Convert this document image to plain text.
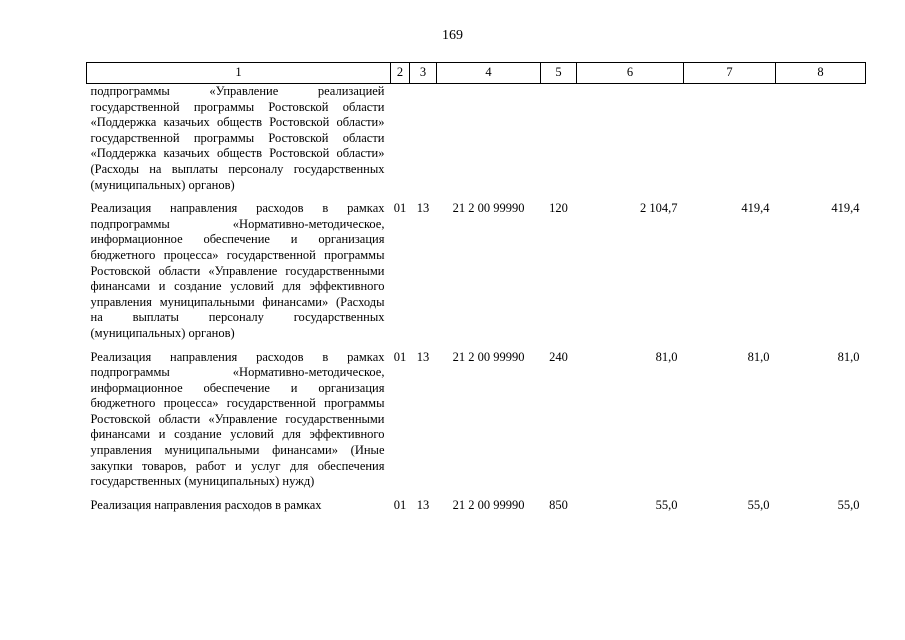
169
1	2	3	4	5	6	7	8
подпрограммы «Управление реализацией государственной программы Ростовской области «Поддержка казачьих обществ Ростовской области» государственной программы Ростовской области «Поддержка казачьих обществ Ростовской области» (Расходы на выплаты персоналу государственных (муниципальных) органов)							
Реализация направления расходов в рамках подпрограммы «Нормативно-методическое, информационное обеспечение и организация бюджетного процесса» государственной программы Ростовской области «Управление государственными финансами и создание условий для эффективного управления муниципальными финансами» (Расходы на выплаты персоналу государственных (муниципальных) органов)	01	13	21 2 00 99990	120	2 104,7	419,4	419,4
Реализация направления расходов в рамках подпрограммы «Нормативно-методическое, информационное обеспечение и организация бюджетного процесса» государственной программы Ростовской области «Управление государственными финансами и создание условий для эффективного управления муниципальными финансами» (Иные закупки товаров, работ и услуг для обеспечения государственных (муниципальных) нужд)	01	13	21 2 00 99990	240	81,0	81,0	81,0
Реализация направления расходов в рамках	01	13	21 2 00 99990	850	55,0	55,0	55,0
